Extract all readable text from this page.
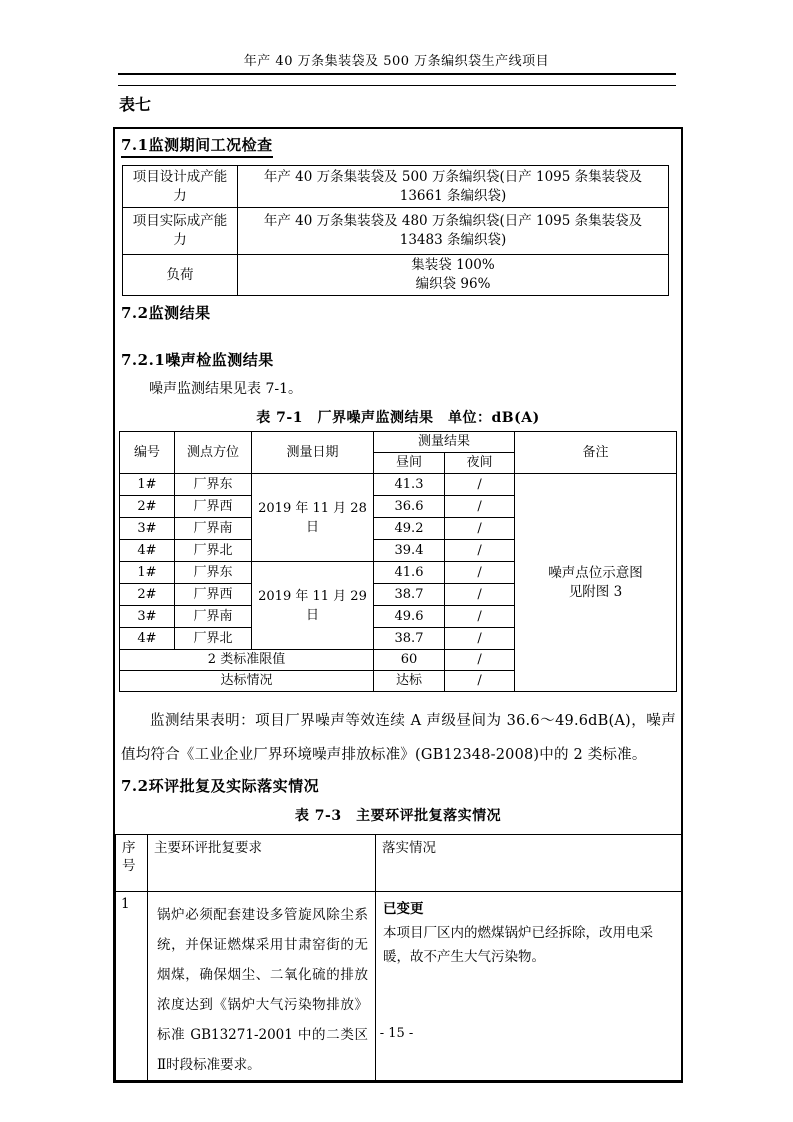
年产 40 万条集装袋及 500 万条编织袋生产线项目
表七
7.1监测期间工况检查
项目设计成产能力	年产 40 万条集装袋及 500 万条编织袋(日产 1095 条集装袋及 13661 条编织袋)
项目实际成产能力	年产 40 万条集装袋及 480 万条编织袋(日产 1095 条集装袋及 13483 条编织袋)
负荷	集装袋 100%
编织袋 96%
7.2监测结果
7.2.1噪声检监测结果

噪声监测结果见表 7-1。

表 7-1　厂界噪声监测结果　单位：dB(A)
编号	测点方位	测量日期	测量结果		备注
			昼间	夜间	
1#	厂界东	2019 年 11 月 28 日	41.3	/	噪声点位示意图
见附图 3

2#	厂界西		36.6	/	
3#	厂界南		49.2	/	
4#	厂界北		39.4	/	
1#	厂界东	2019 年 11 月 29 日	41.6	/	
2#	厂界西		38.7	/	
3#	厂界南		49.6	/	
4#	厂界北		38.7	/	
2 类标准限值			60	/	
达标情况			达标	/	

监测结果表明：项目厂界噪声等效连续 A 声级昼间为 36.6～49.6dB(A)，噪声值均符合《工业企业厂界环境噪声排放标准》(GB12348-2008)中的 2 类标准。

7.2环评批复及实际落实情况
表 7-3　主要环评批复落实情况
序号	主要环评批复要求	落实情况
1	锅炉必须配套建设多管旋风除尘系统，并保证燃煤采用甘肃窑街的无烟煤，确保烟尘、二氧化硫的排放浓度达到《锅炉大气污染物排放》标准 GB13271-2001 中的二类区Ⅱ时段标准要求。	已变更
本项目厂区内的燃煤锅炉已经拆除，改用电采暖，故不产生大气污染物。
- 15 -
